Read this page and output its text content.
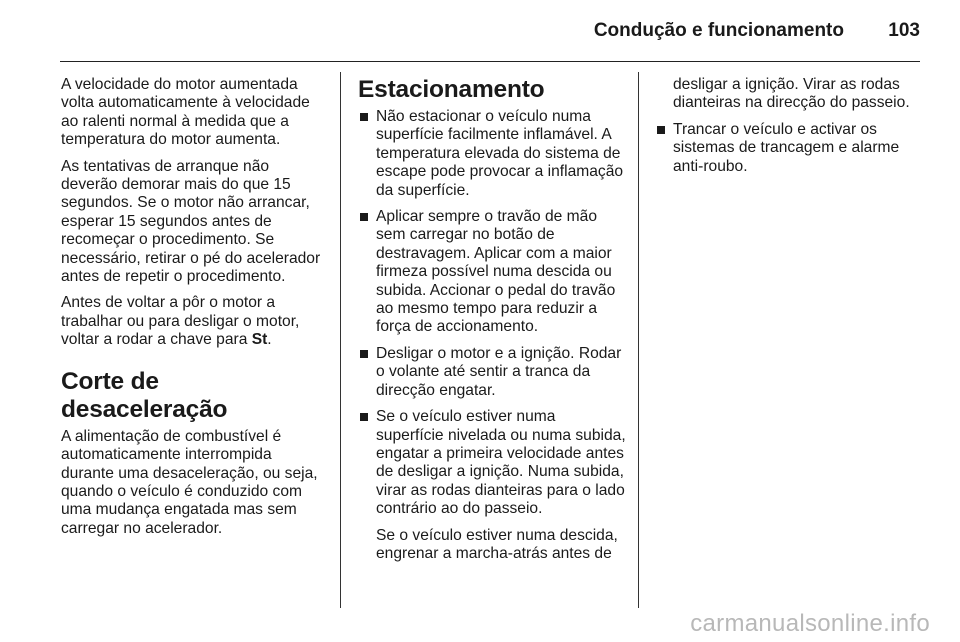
Condução e funcionamento 103

A velocidade do motor aumentada volta automaticamente à velocidade ao ralenti normal à medida que a temperatura do motor aumenta.

As tentativas de arranque não deverão demorar mais do que 15 segundos. Se o motor não arrancar, esperar 15 segundos antes de recomeçar o procedimento. Se necessário, retirar o pé do acelerador antes de repetir o procedimento.

Antes de voltar a pôr o motor a trabalhar ou para desligar o motor, voltar a rodar a chave para St.

Corte de desaceleração

A alimentação de combustível é automaticamente interrompida durante uma desaceleração, ou seja, quando o veículo é conduzido com uma mudança engatada mas sem carregar no acelerador.

Estacionamento
Não estacionar o veículo numa superfície facilmente inflamável. A temperatura elevada do sistema de escape pode provocar a inflamação da superfície.
Aplicar sempre o travão de mão sem carregar no botão de destravagem. Aplicar com a maior firmeza possível numa descida ou subida. Accionar o pedal do travão ao mesmo tempo para reduzir a força de accionamento.
Desligar o motor e a ignição. Rodar o volante até sentir a tranca da direcção engatar.
Se o veículo estiver numa superfície nivelada ou numa subida, engatar a primeira velocidade antes de desligar a ignição. Numa subida, virar as rodas dianteiras para o lado contrário ao do passeio.
Se o veículo estiver numa descida, engrenar a marcha-atrás antes de
desligar a ignição. Virar as rodas dianteiras na direcção do passeio.
Trancar o veículo e activar os sistemas de trancagem e alarme anti-roubo.
carmanualsonline.info
